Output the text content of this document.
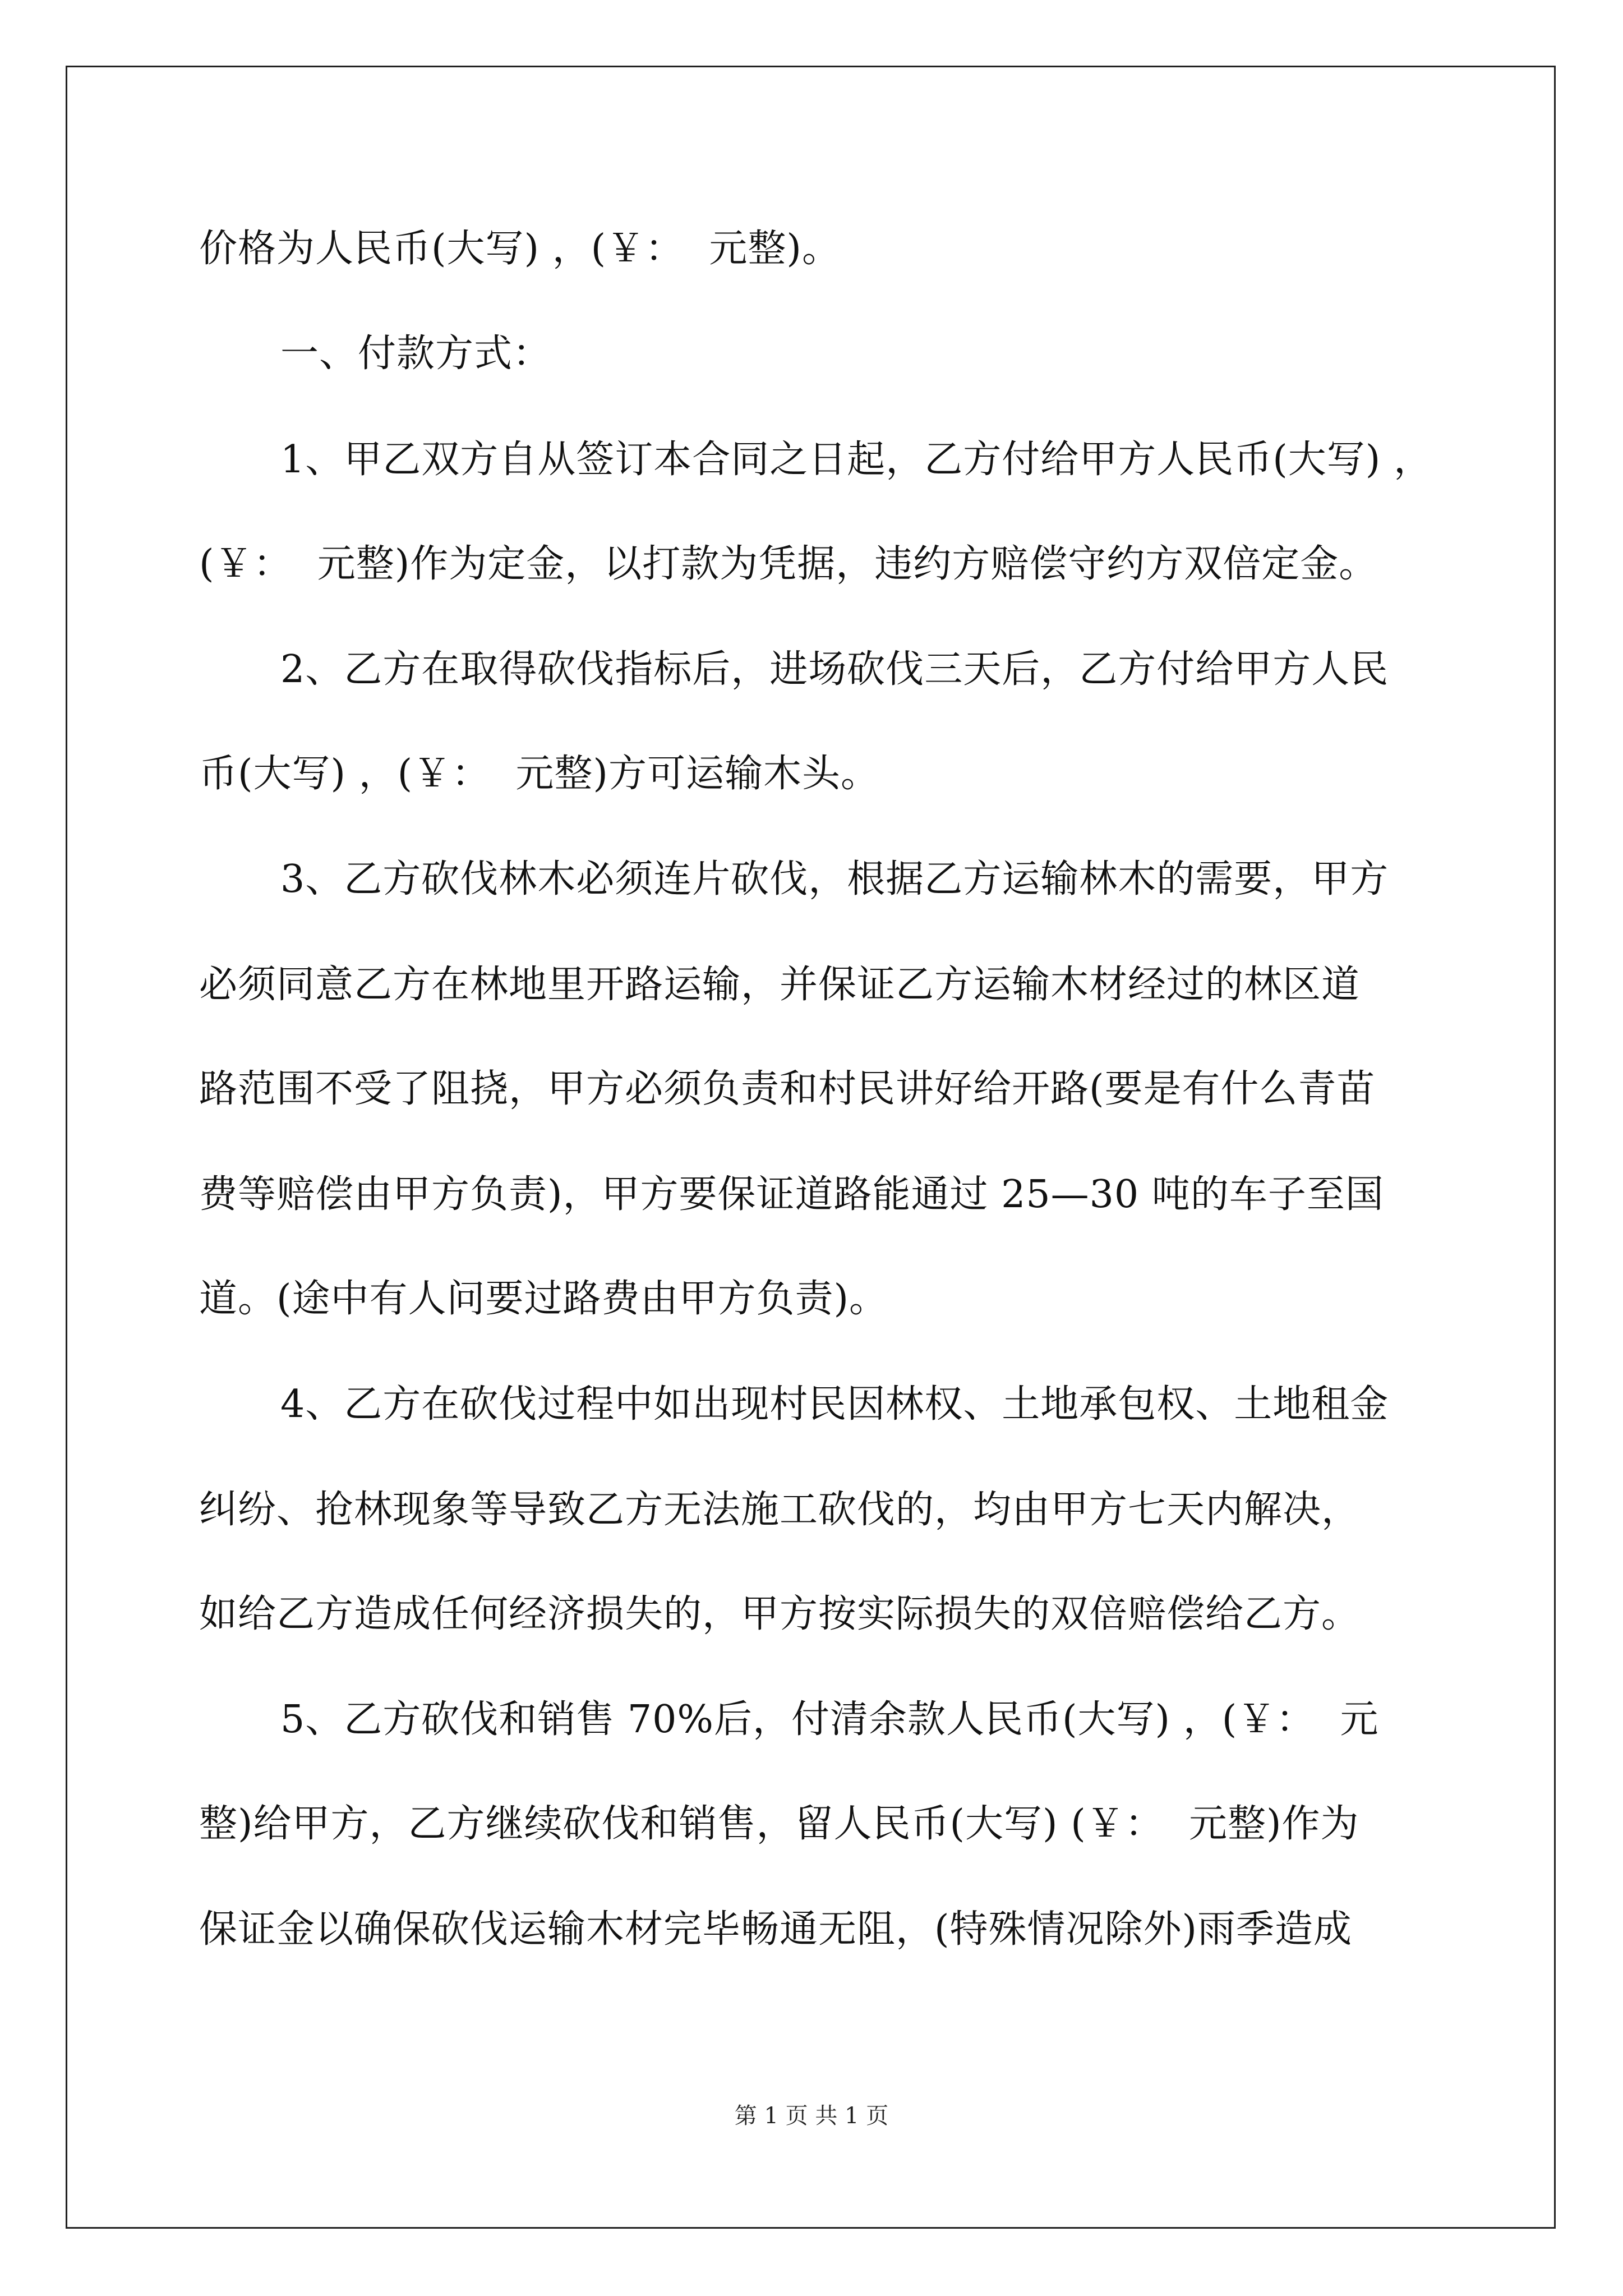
价格为人民币(大写) ，(￥：  元整)。
一、付款方式：
1、甲乙双方自从签订本合同之日起，乙方付给甲方人民币(大写) ，
(￥：  元整)作为定金，以打款为凭据，违约方赔偿守约方双倍定金。
2、乙方在取得砍伐指标后，进场砍伐三天后，乙方付给甲方人民
币(大写) ，(￥：  元整)方可运输木头。
3、乙方砍伐林木必须连片砍伐，根据乙方运输林木的需要，甲方
必须同意乙方在林地里开路运输，并保证乙方运输木材经过的林区道
路范围不受了阻挠，甲方必须负责和村民讲好给开路(要是有什么青苗
费等赔偿由甲方负责)，甲方要保证道路能通过 25—30 吨的车子至国
道。(途中有人问要过路费由甲方负责)。
4、乙方在砍伐过程中如出现村民因林权、土地承包权、土地租金
纠纷、抢林现象等导致乙方无法施工砍伐的，均由甲方七天内解决，
如给乙方造成任何经济损失的，甲方按实际损失的双倍赔偿给乙方。
5、乙方砍伐和销售 70%后，付清余款人民币(大写) ，(￥：  元
整)给甲方，乙方继续砍伐和销售，留人民币(大写) (￥：  元整)作为
保证金以确保砍伐运输木材完毕畅通无阻，(特殊情况除外)雨季造成
第 1 页 共 1 页
